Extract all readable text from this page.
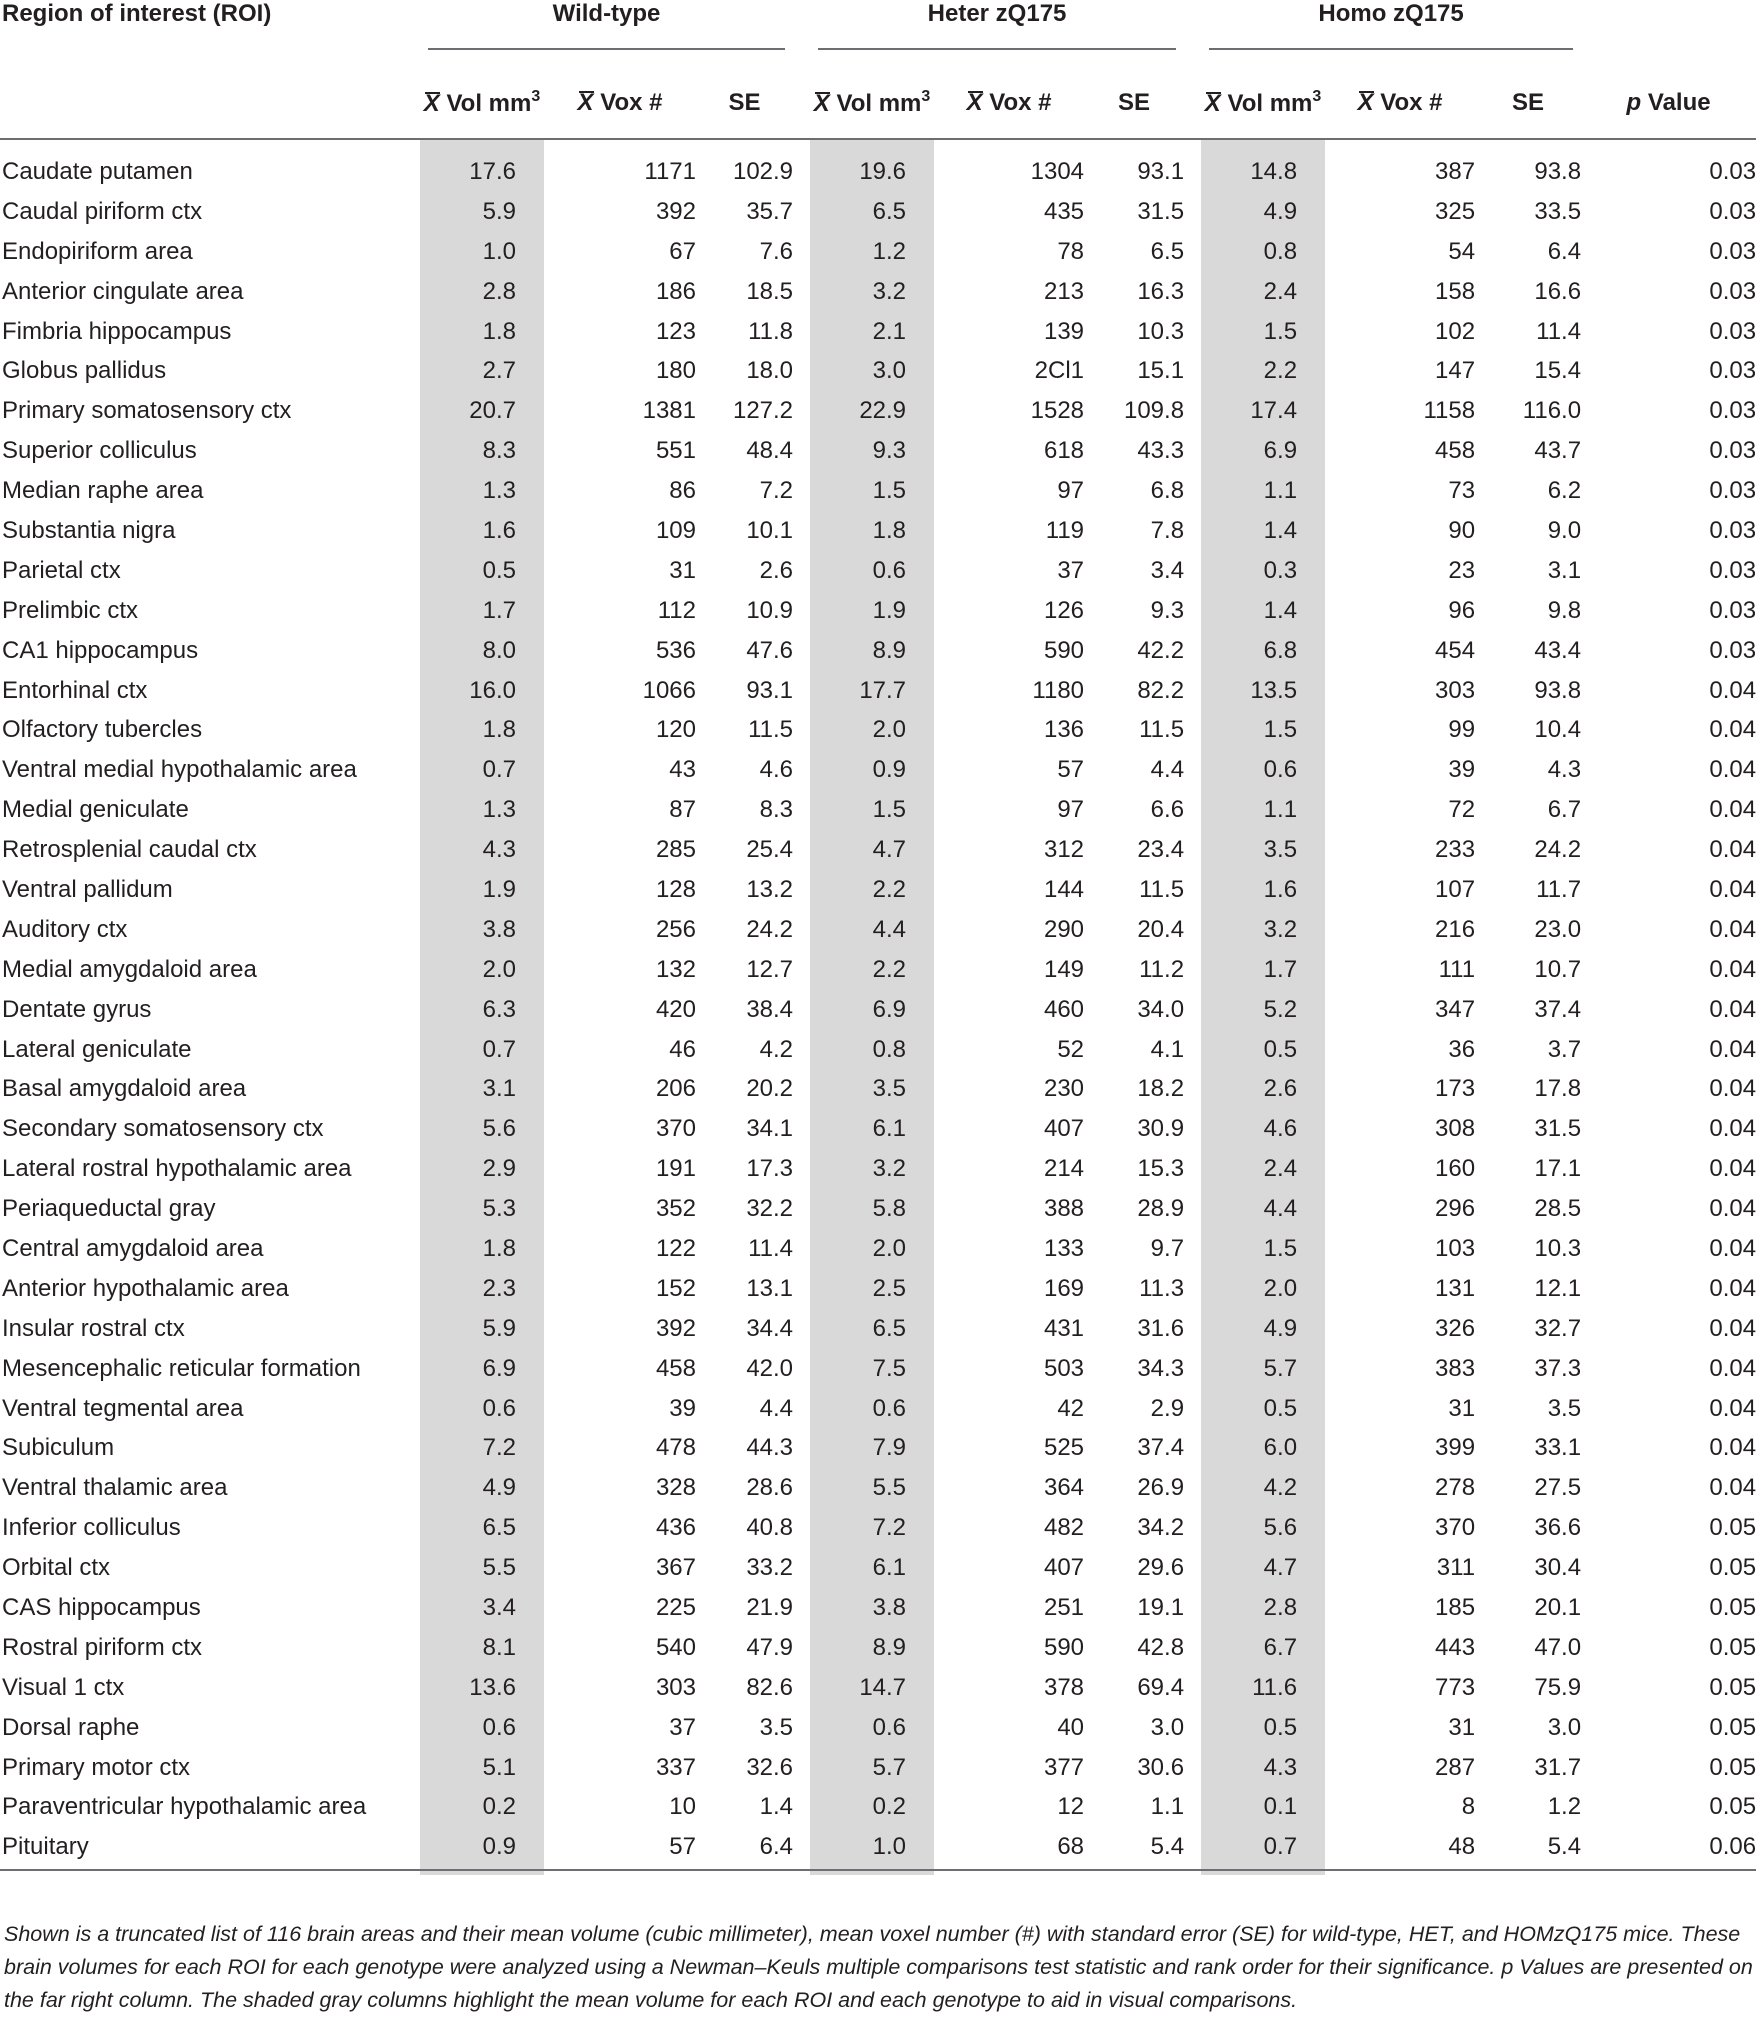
Region of interest (ROI)	Wild-type				Heter zQ175				Homo zQ175			

	X Vol $mm^3$	X Vox #	SE		X Vol $mm^3$	X Vox #	SE		X Vol $mm^3$	X Vox #	SE	p Value
Caudate putamen	17.6	1171	102.9		19.6	1304	93.1		14.8	387	93.8	0.03
Caudal piriform ctx	5.9	392	35.7		6.5	435	31.5		4.9	325	33.5	0.03
Endopiriform area	1.0	67	7.6		1.2	78	6.5		0.8	54	6.4	0.03
Anterior cingulate area	2.8	186	18.5		3.2	213	16.3		2.4	158	16.6	0.03
Fimbria hippocampus	1.8	123	11.8		2.1	139	10.3		1.5	102	11.4	0.03
Globus pallidus	2.7	180	18.0		3.0	2Cl1	15.1		2.2	147	15.4	0.03
Primary somatosensory ctx	20.7	1381	127.2		22.9	1528	109.8		17.4	1158	116.0	0.03
Superior colliculus	8.3	551	48.4		9.3	618	43.3		6.9	458	43.7	0.03
Median raphe area	1.3	86	7.2		1.5	97	6.8		1.1	73	6.2	0.03
Substantia nigra	1.6	109	10.1		1.8	119	7.8		1.4	90	9.0	0.03
Parietal ctx	0.5	31	2.6		0.6	37	3.4		0.3	23	3.1	0.03
Prelimbic ctx	1.7	112	10.9		1.9	126	9.3		1.4	96	9.8	0.03
CA1 hippocampus	8.0	536	47.6		8.9	590	42.2		6.8	454	43.4	0.03
Entorhinal ctx	16.0	1066	93.1		17.7	1180	82.2		13.5	303	93.8	0.04
Olfactory tubercles	1.8	120	11.5		2.0	136	11.5		1.5	99	10.4	0.04
Ventral medial hypothalamic area	0.7	43	4.6		0.9	57	4.4		0.6	39	4.3	0.04
Medial geniculate	1.3	87	8.3		1.5	97	6.6		1.1	72	6.7	0.04
Retrosplenial caudal ctx	4.3	285	25.4		4.7	312	23.4		3.5	233	24.2	0.04
Ventral pallidum	1.9	128	13.2		2.2	144	11.5		1.6	107	11.7	0.04
Auditory ctx	3.8	256	24.2		4.4	290	20.4		3.2	216	23.0	0.04
Medial amygdaloid area	2.0	132	12.7		2.2	149	11.2		1.7	111	10.7	0.04
Dentate gyrus	6.3	420	38.4		6.9	460	34.0		5.2	347	37.4	0.04
Lateral geniculate	0.7	46	4.2		0.8	52	4.1		0.5	36	3.7	0.04
Basal amygdaloid area	3.1	206	20.2		3.5	230	18.2		2.6	173	17.8	0.04
Secondary somatosensory ctx	5.6	370	34.1		6.1	407	30.9		4.6	308	31.5	0.04
Lateral rostral hypothalamic area	2.9	191	17.3		3.2	214	15.3		2.4	160	17.1	0.04
Periaqueductal gray	5.3	352	32.2		5.8	388	28.9		4.4	296	28.5	0.04
Central amygdaloid area	1.8	122	11.4		2.0	133	9.7		1.5	103	10.3	0.04
Anterior hypothalamic area	2.3	152	13.1		2.5	169	11.3		2.0	131	12.1	0.04
Insular rostral ctx	5.9	392	34.4		6.5	431	31.6		4.9	326	32.7	0.04
Mesencephalic reticular formation	6.9	458	42.0		7.5	503	34.3		5.7	383	37.3	0.04
Ventral tegmental area	0.6	39	4.4		0.6	42	2.9		0.5	31	3.5	0.04
Subiculum	7.2	478	44.3		7.9	525	37.4		6.0	399	33.1	0.04
Ventral thalamic area	4.9	328	28.6		5.5	364	26.9		4.2	278	27.5	0.04
Inferior colliculus	6.5	436	40.8		7.2	482	34.2		5.6	370	36.6	0.05
Orbital ctx	5.5	367	33.2		6.1	407	29.6		4.7	311	30.4	0.05
CAS hippocampus	3.4	225	21.9		3.8	251	19.1		2.8	185	20.1	0.05
Rostral piriform ctx	8.1	540	47.9		8.9	590	42.8		6.7	443	47.0	0.05
Visual 1 ctx	13.6	303	82.6		14.7	378	69.4		11.6	773	75.9	0.05
Dorsal raphe	0.6	37	3.5		0.6	40	3.0		0.5	31	3.0	0.05
Primary motor ctx	5.1	337	32.6		5.7	377	30.6		4.3	287	31.7	0.05
Paraventricular hypothalamic area	0.2	10	1.4		0.2	12	1.1		0.1	8	1.2	0.05
Pituitary	0.9	57	6.4		1.0	68	5.4		0.7	48	5.4	0.06

Shown is a truncated list of 116 brain areas and their mean volume (cubic millimeter), mean voxel number (#) with standard error (SE) for wild-type, HET, and HOMzQ175 mice. These brain volumes for each ROI for each genotype were analyzed using a Newman–Keuls multiple comparisons test statistic and rank order for their significance. p Values are presented on the far right column. The shaded gray columns highlight the mean volume for each ROI and each genotype to aid in visual comparisons.
